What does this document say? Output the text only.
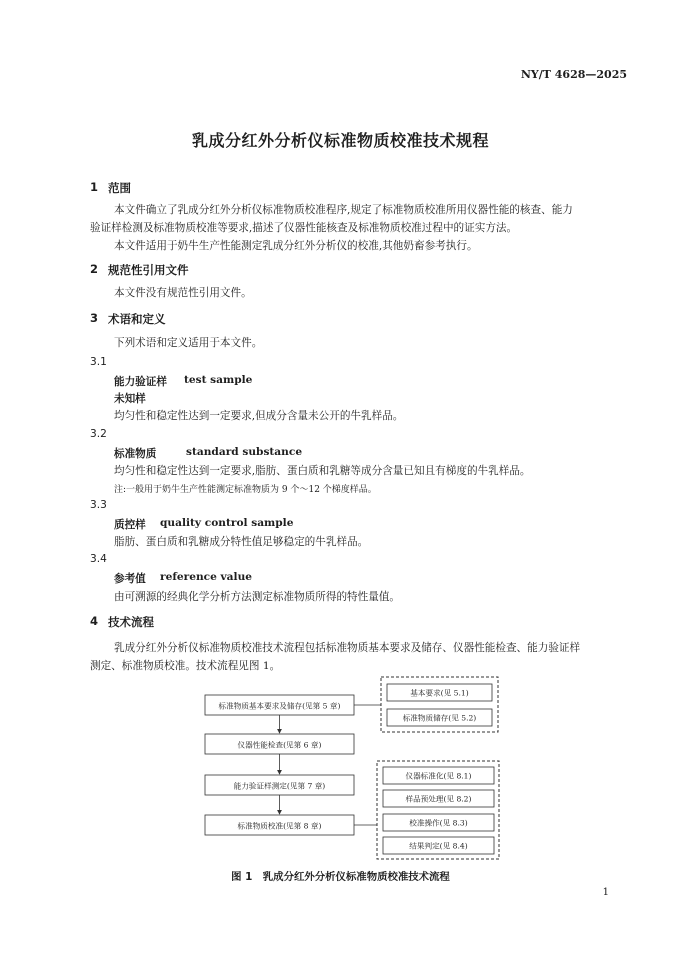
NY/T 4628—2025
乳成分红外分析仪标准物质校准技术规程
1 范围
本文件确立了乳成分红外分析仪标准物质校准程序,规定了标准物质校准所用仪器性能的核查、能力
验证样检测及标准物质校准等要求,描述了仪器性能核查及标准物质校准过程中的证实方法。
本文件适用于奶牛生产性能测定乳成分红外分析仪的校准,其他奶畜参考执行。
2 规范性引用文件
本文件没有规范性引用文件。
3 术语和定义
下列术语和定义适用于本文件。
3.1
能力验证样 test sample
未知样
均匀性和稳定性达到一定要求,但成分含量未公开的牛乳样品。
3.2
标准物质	standard substance
均匀性和稳定性达到一定要求,脂肪、蛋白质和乳糖等成分含量已知且有梯度的牛乳样品。
注:一般用于奶牛生产性能测定标准物质为 9 个～12 个梯度样品。
3.3
质控样 quality control sample
脂肪、蛋白质和乳糖成分特性值足够稳定的牛乳样品。
3.4
参考值 reference value
由可溯源的经典化学分析方法测定标准物质所得的特性量值。
4 技术流程
乳成分红外分析仪标准物质校准技术流程包括标准物质基本要求及储存、仪器性能检查、能力验证样
测定、标准物质校准。技术流程见图 1。
标准物质基本要求及储存(见第 5 章)
仪器性能检查(见第 6 章)
能力验证样测定(见第 7 章)
标准物质校准(见第 8 章)
基本要求(见 5.1)
标准物质储存(见 5.2)
仪器标准化(见 8.1)
样品预处理(见 8.2)
校准操作(见 8.3)
结果判定(见 8.4)
图 1　乳成分红外分析仪标准物质校准技术流程
1
